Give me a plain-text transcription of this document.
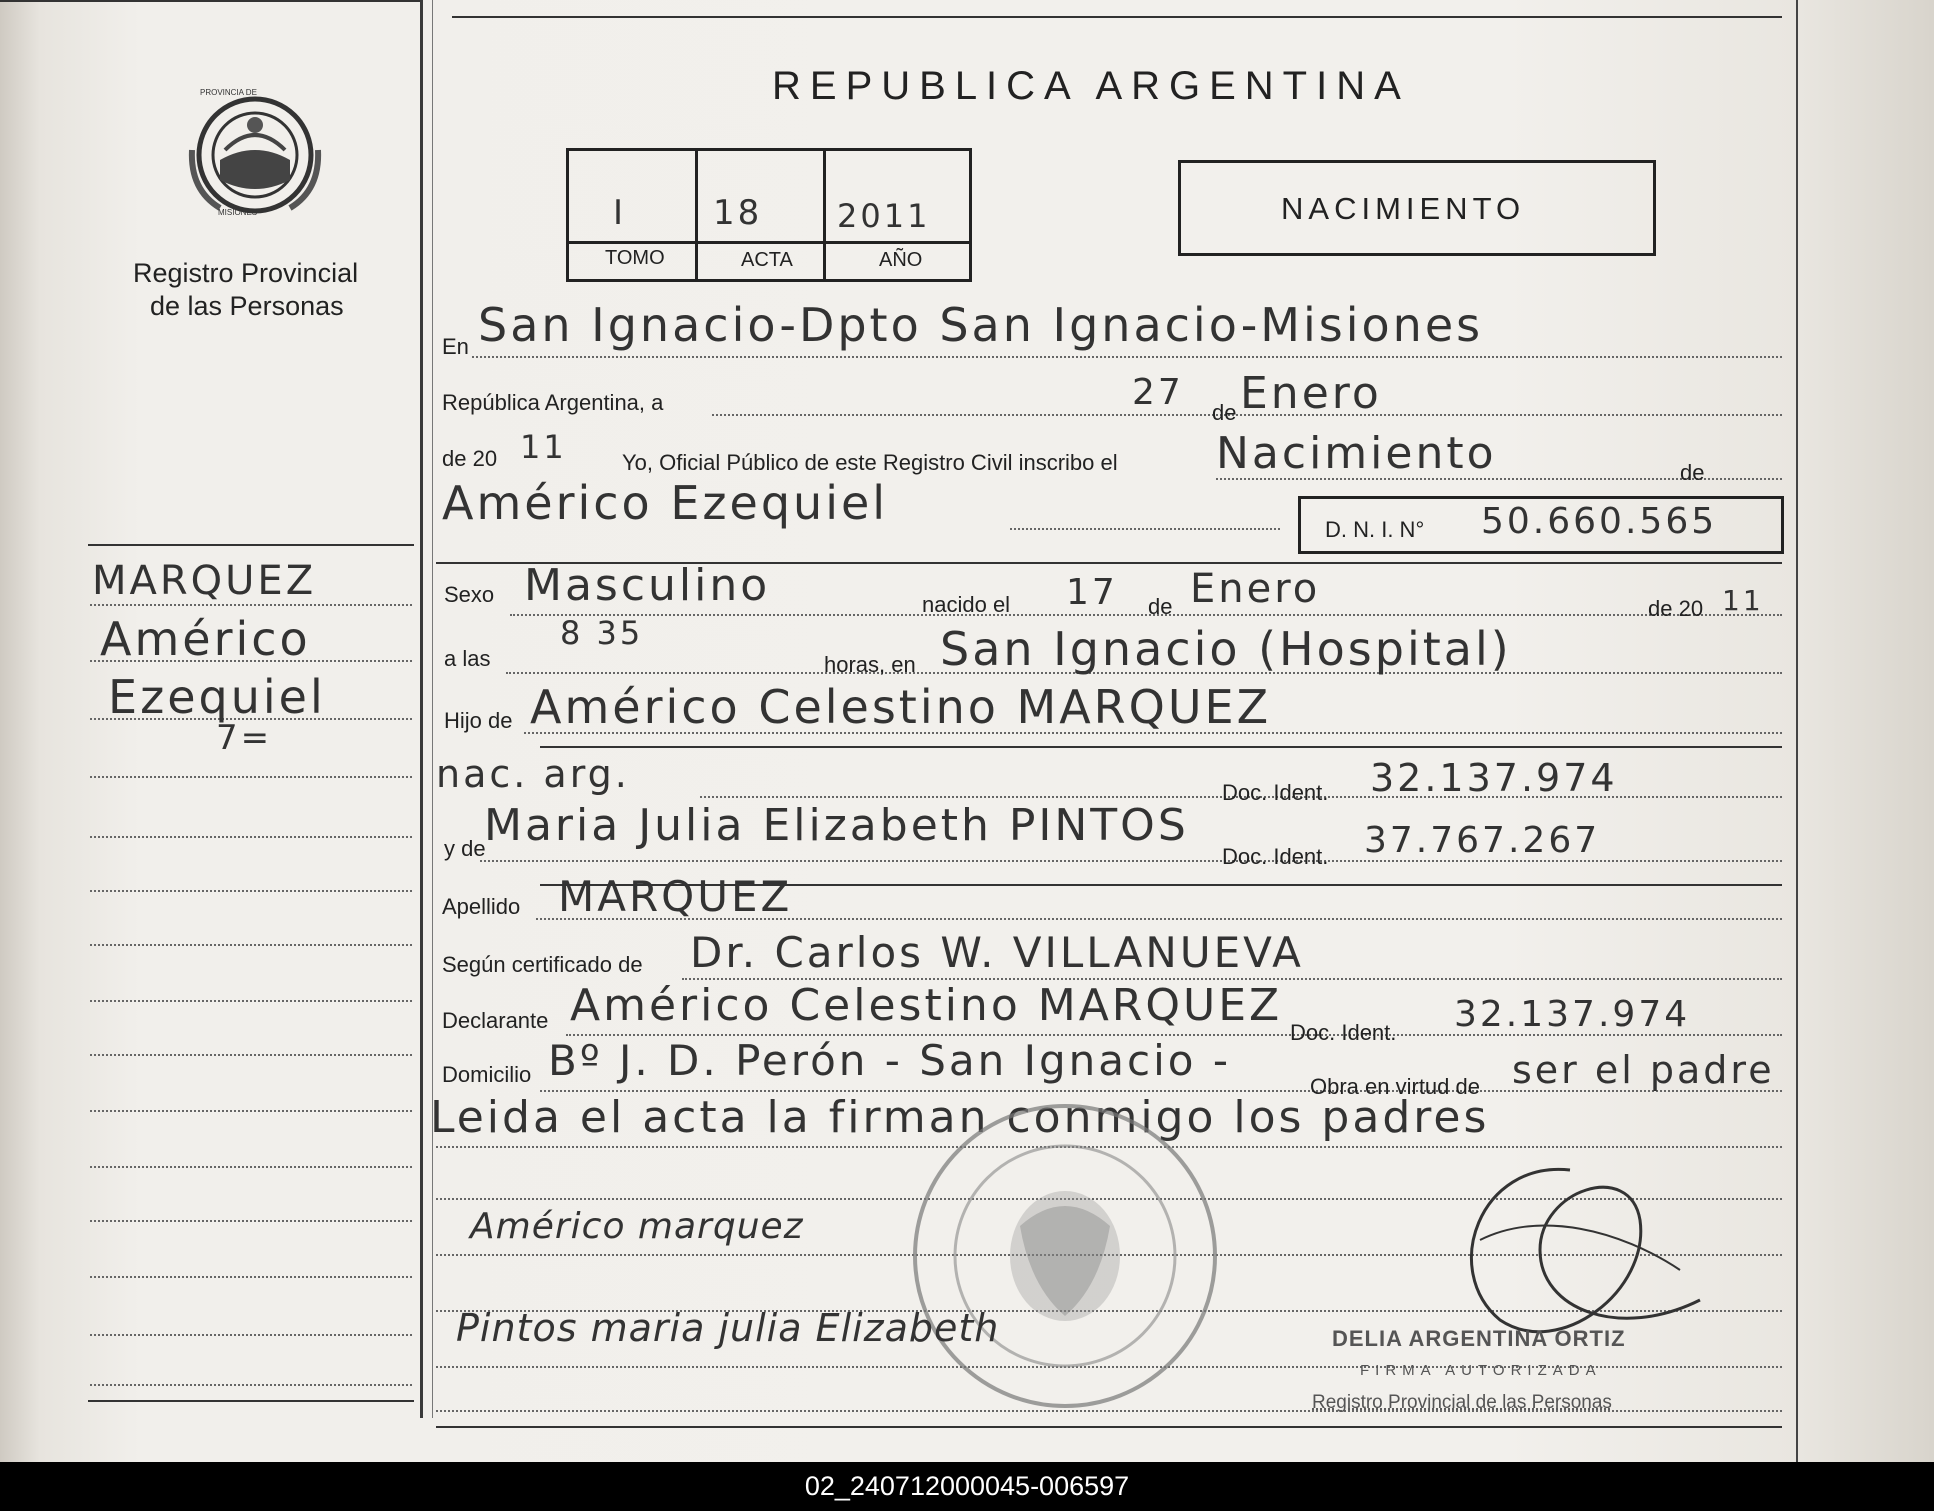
PROVINCIA DE
MISIONES
Registro Provincial
de las Personas
MARQUEZ
Américo
Ezequiel
7=
REPUBLICA ARGENTINA
I	18 2011
TOMO	ACTA	AÑO
NACIMIENTO
En San Ignacio-Dpto San Ignacio-Misiones
República Argentina, a	27 de Enero
de 20 11	Yo, Oficial Público de este Registro Civil inscribo el Nacimiento	de
Américo Ezequiel	D. N. I. N° 50.660.565
Sexo Masculino	nacido el 17 de Enero	de 20 11
a las
8 35
horas, en San Ignacio (Hospital)
Hijo de Américo Celestino MARQUEZ
nac. arg.	Doc. Ident. 32.137.974
y de
Maria Julia Elizabeth PINTOS
Doc. Ident. 37.767.267
Apellido MARQUEZ
Según certificado de Dr. Carlos W. VILLANUEVA
Declarante Américo Celestino MARQUEZ
Doc. Ident. 32.137.974
Domicilio Bº J. D. Perón - San Ignacio -
Obra en virtud de ser el padre
Leida el acta la firman conmigo los padres
Américo marquez
Pintos maria julia Elizabeth	DELIA ARGENTINA ORTIZ
FIRMA AUTORIZADA
Registro Provincial de las Personas
02_240712000045-006597
